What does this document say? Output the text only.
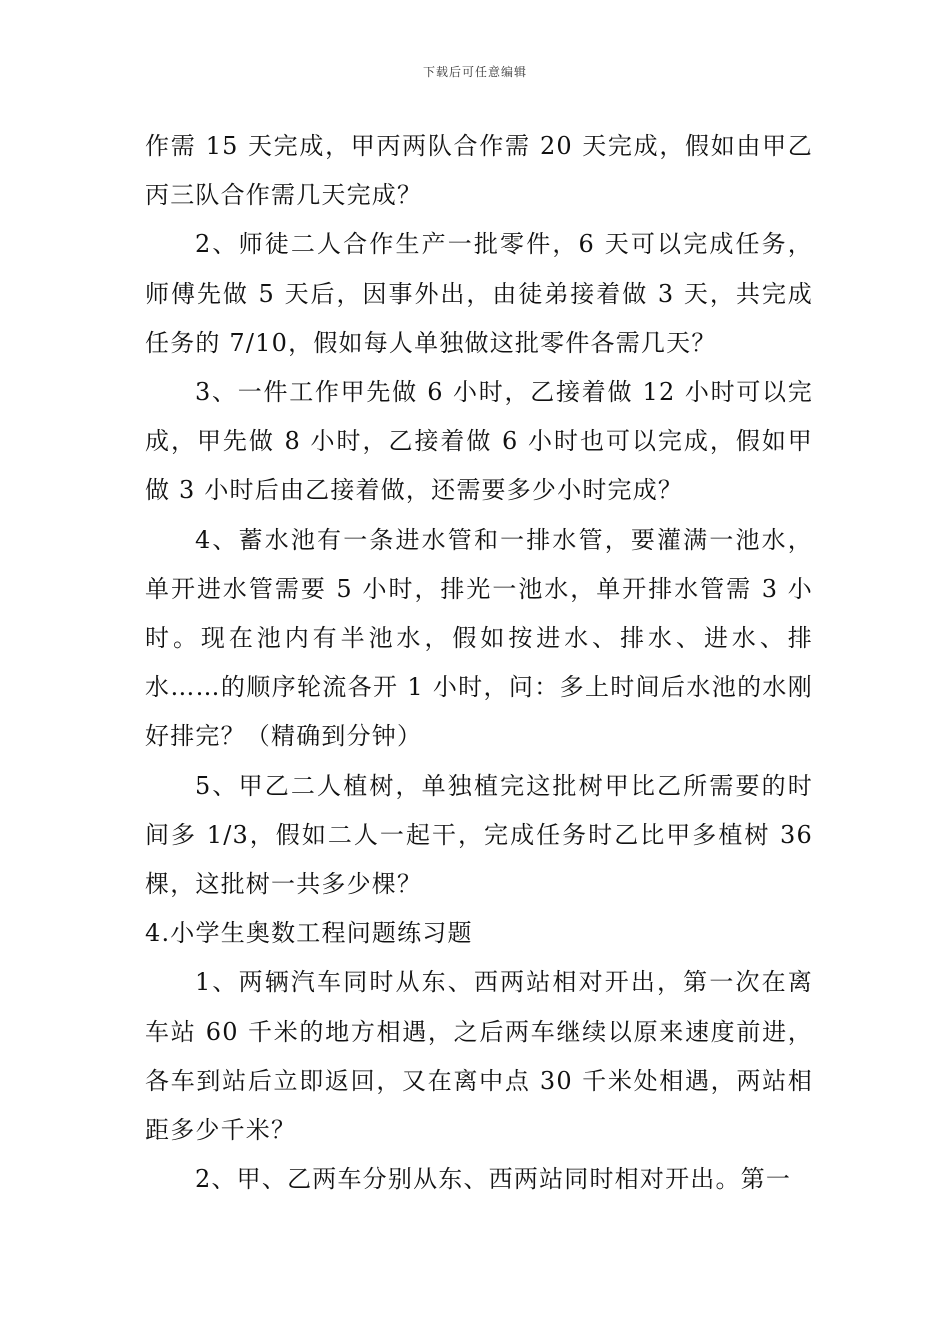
下载后可任意编辑

作需 15 天完成，甲丙两队合作需 20 天完成，假如由甲乙丙三队合作需几天完成？

2、师徒二人合作生产一批零件，6 天可以完成任务，师傅先做 5 天后，因事外出，由徒弟接着做 3 天，共完成任务的 7/10，假如每人单独做这批零件各需几天？

3、一件工作甲先做 6 小时，乙接着做 12 小时可以完成，甲先做 8 小时，乙接着做 6 小时也可以完成，假如甲做 3 小时后由乙接着做，还需要多少小时完成？

4、蓄水池有一条进水管和一排水管，要灌满一池水，单开进水管需要 5 小时，排光一池水，单开排水管需 3 小时。现在池内有半池水，假如按进水、排水、进水、排水……的顺序轮流各开 1 小时，问：多上时间后水池的水刚好排完？（精确到分钟）

5、甲乙二人植树，单独植完这批树甲比乙所需要的时间多 1/3，假如二人一起干，完成任务时乙比甲多植树 36 棵，这批树一共多少棵？

4.小学生奥数工程问题练习题

1、两辆汽车同时从东、西两站相对开出，第一次在离车站 60 千米的地方相遇，之后两车继续以原来速度前进，各车到站后立即返回，又在离中点 30 千米处相遇，两站相距多少千米？

2、甲、乙两车分别从东、西两站同时相对开出。第一
